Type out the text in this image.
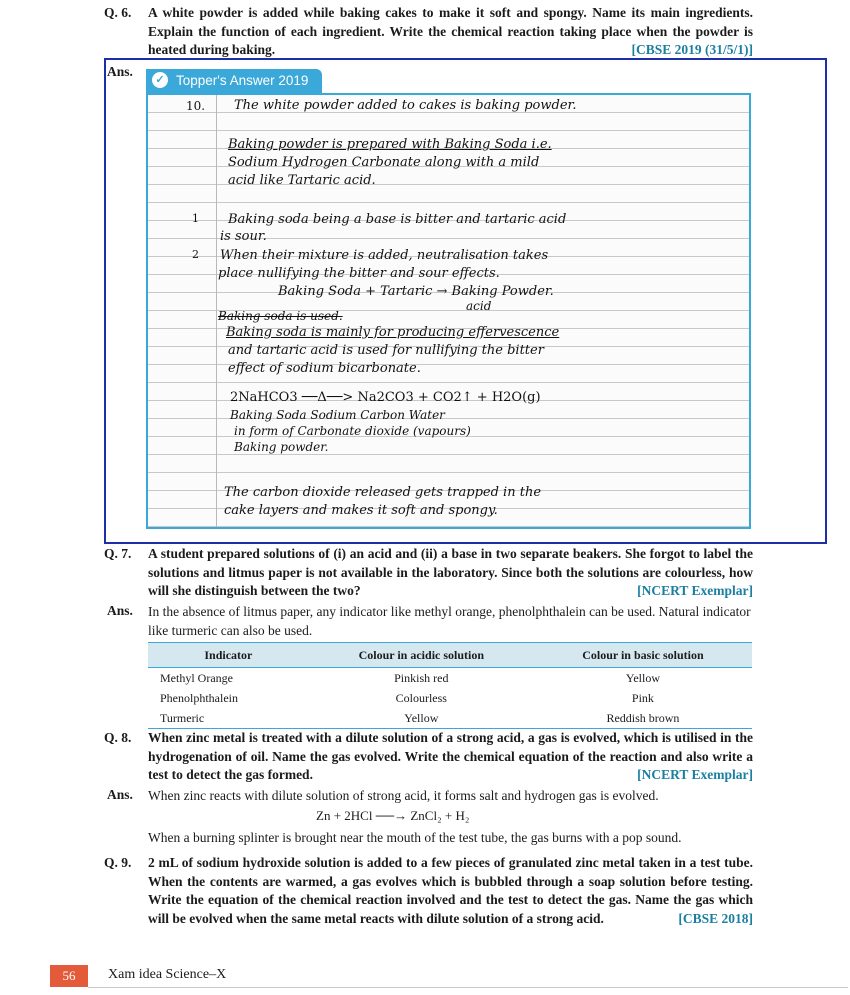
Q. 6. A white powder is added while baking cakes to make it soft and spongy. Name its main ingredients. Explain the function of each ingredient. Write the chemical reaction taking place when the powder is heated during baking.	[CBSE 2019 (31/5/1)]
Ans.
✓ Topper's Answer 2019
10. The white powder added to cakes is baking powder.
Baking powder is prepared with Baking Soda i.e.
Sodium Hydrogen Carbonate along with a mild
acid like Tartaric acid.
1 Baking soda being a base is bitter and tartaric acid
is sour.
2 When their mixture is added, neutralisation takes
place nullifying the bitter and sour effects.
Baking Soda + Tartaric → Baking Powder.
acid
Baking soda is used.
Baking soda is mainly for producing effervescence
and tartaric acid is used for nullifying the bitter
effect of sodium bicarbonate.
2NaHCO3 ──Δ──> Na2CO3 + CO2↑ + H2O(g)
Baking Soda Sodium Carbon Water
in form of Carbonate dioxide (vapours)
Baking powder.
The carbon dioxide released gets trapped in the
cake layers and makes it soft and spongy.
Q. 7. A student prepared solutions of (i) an acid and (ii) a base in two separate beakers. She forgot to label the solutions and litmus paper is not available in the laboratory. Since both the solutions are colourless, how will she distinguish between the two?	[NCERT Exemplar]
Ans. In the absence of litmus paper, any indicator like methyl orange, phenolphthalein can be used. Natural indicator like turmeric can also be used.
Indicator	Colour in acidic solution	Colour in basic solution
Methyl Orange	Pinkish red	Yellow
Phenolphthalein	Colourless	Pink
Turmeric	Yellow	Reddish brown
Q. 8. When zinc metal is treated with a dilute solution of a strong acid, a gas is evolved, which is utilised in the hydrogenation of oil. Name the gas evolved. Write the chemical equation of the reaction and also write a test to detect the gas formed.	[NCERT Exemplar]
Ans. When zinc reacts with dilute solution of strong acid, it forms salt and hydrogen gas is evolved.
Zn + 2HCl ──→ ZnCl₂ + H₂
When a burning splinter is brought near the mouth of the test tube, the gas burns with a pop sound.
Q. 9. 2 mL of sodium hydroxide solution is added to a few pieces of granulated zinc metal taken in a test tube. When the contents are warmed, a gas evolves which is bubbled through a soap solution before testing. Write the equation of the chemical reaction involved and the test to detect the gas. Name the gas which will be evolved when the same metal reacts with dilute solution of a strong acid.	[CBSE 2018]
56	Xam idea Science–X
